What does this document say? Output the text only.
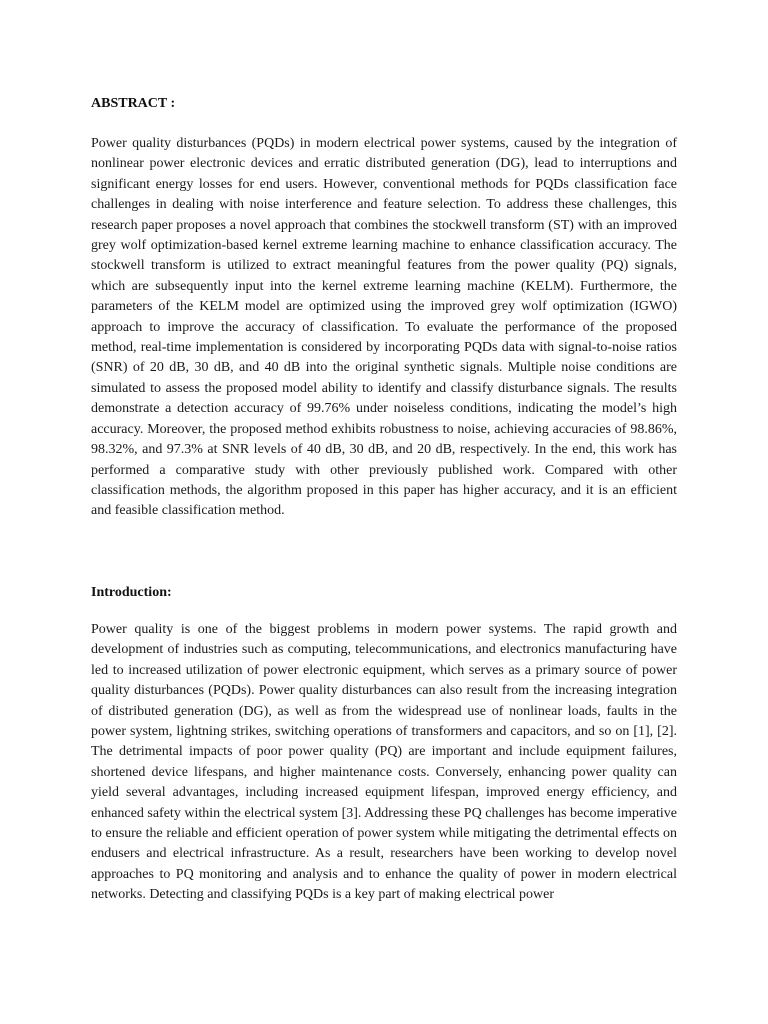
ABSTRACT :

Power quality disturbances (PQDs) in modern electrical power systems, caused by the integration of nonlinear power electronic devices and erratic distributed generation (DG), lead to interruptions and significant energy losses for end users. However, conventional methods for PQDs classification face challenges in dealing with noise interference and feature selection. To address these challenges, this research paper proposes a novel approach that combines the stockwell transform (ST) with an improved grey wolf optimization-based kernel extreme learning machine to enhance classification accuracy. The stockwell transform is utilized to extract meaningful features from the power quality (PQ) signals, which are subsequently input into the kernel extreme learning machine (KELM). Furthermore, the parameters of the KELM model are optimized using the improved grey wolf optimization (IGWO) approach to improve the accuracy of classification. To evaluate the performance of the proposed method, real-time implementation is considered by incorporating PQDs data with signal-to-noise ratios (SNR) of 20 dB, 30 dB, and 40 dB into the original synthetic signals. Multiple noise conditions are simulated to assess the proposed model ability to identify and classify disturbance signals. The results demonstrate a detection accuracy of 99.76% under noiseless conditions, indicating the model’s high accuracy. Moreover, the proposed method exhibits robustness to noise, achieving accuracies of 98.86%, 98.32%, and 97.3% at SNR levels of 40 dB, 30 dB, and 20 dB, respectively. In the end, this work has performed a comparative study with other previously published work. Compared with other classification methods, the algorithm proposed in this paper has higher accuracy, and it is an efficient and feasible classification method.

Introduction:

Power quality is one of the biggest problems in modern power systems. The rapid growth and development of industries such as computing, telecommunications, and electronics manufacturing have led to increased utilization of power electronic equipment, which serves as a primary source of power quality disturbances (PQDs). Power quality disturbances can also result from the increasing integration of distributed generation (DG), as well as from the widespread use of nonlinear loads, faults in the power system, lightning strikes, switching operations of transformers and capacitors, and so on [1], [2]. The detrimental impacts of poor power quality (PQ) are important and include equipment failures, shortened device lifespans, and higher maintenance costs. Conversely, enhancing power quality can yield several advantages, including increased equipment lifespan, improved energy efficiency, and enhanced safety within the electrical system [3]. Addressing these PQ challenges has become imperative to ensure the reliable and efficient operation of power system while mitigating the detrimental effects on endusers and electrical infrastructure. As a result, researchers have been working to develop novel approaches to PQ monitoring and analysis and to enhance the quality of power in modern electrical networks. Detecting and classifying PQDs is a key part of making electrical power
